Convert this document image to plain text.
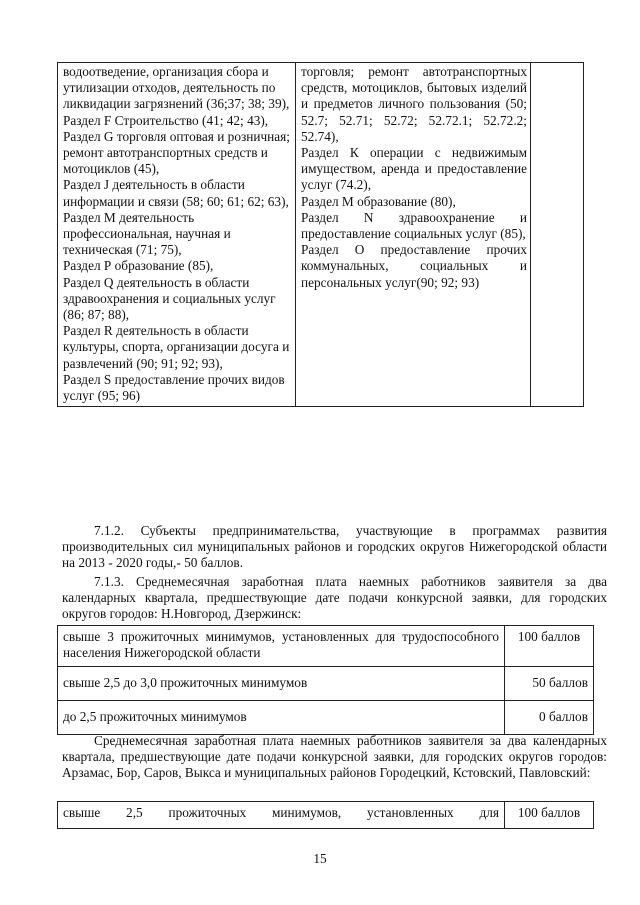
водоотведение, организация сбора и утилизации отходов, деятельность по ликвидации загрязнений (36;37; 38; 39),
Раздел F Строительство (41; 42; 43),
Раздел G торговля оптовая и розничная; ремонт автотранспортных средств и мотоциклов (45),
Раздел J деятельность в области информации и связи (58; 60; 61; 62; 63),
Раздел М деятельность профессиональная, научная и техническая (71; 75),
Раздел Р образование (85),
Раздел Q деятельность в области здравоохранения и социальных услуг (86; 87; 88),
Раздел R деятельность в области культуры, спорта, организации досуга и развлечений (90; 91; 92; 93),
Раздел S предоставление прочих видов услуг (95; 96)

торговля; ремонт автотранспортных средств, мотоциклов, бытовых изделий и предметов личного пользования (50; 52.7; 52.71; 52.72; 52.72.1; 52.72.2; 52.74),
Раздел К операции с недвижимым имуществом, аренда и предоставление услуг (74.2),
Раздел М образование (80),
Раздел N здравоохранение и предоставление социальных услуг (85),
Раздел О предоставление прочих коммунальных, социальных и персональных услуг(90; 92; 93)

7.1.2. Субъекты предпринимательства, участвующие в программах развития производительных сил муниципальных районов и городских округов Нижегородской области на 2013 - 2020 годы,- 50 баллов.
7.1.3. Среднемесячная заработная плата наемных работников заявителя за два календарных квартала, предшествующие дате подачи конкурсной заявки, для городских округов городов: Н.Новгород, Дзержинск:
свыше 3 прожиточных минимумов, установленных для трудоспособного населения Нижегородской области	100 баллов
свыше 2,5 до 3,0 прожиточных минимумов	50 баллов
до 2,5 прожиточных минимумов	0 баллов
Среднемесячная заработная плата наемных работников заявителя за два календарных квартала, предшествующие дате подачи конкурсной заявки, для городских округов городов: Арзамас, Бор, Саров, Выкса и муниципальных районов Городецкий, Кстовский, Павловский:
свыше 2,5 прожиточных минимумов, установленных для	100 баллов
15
